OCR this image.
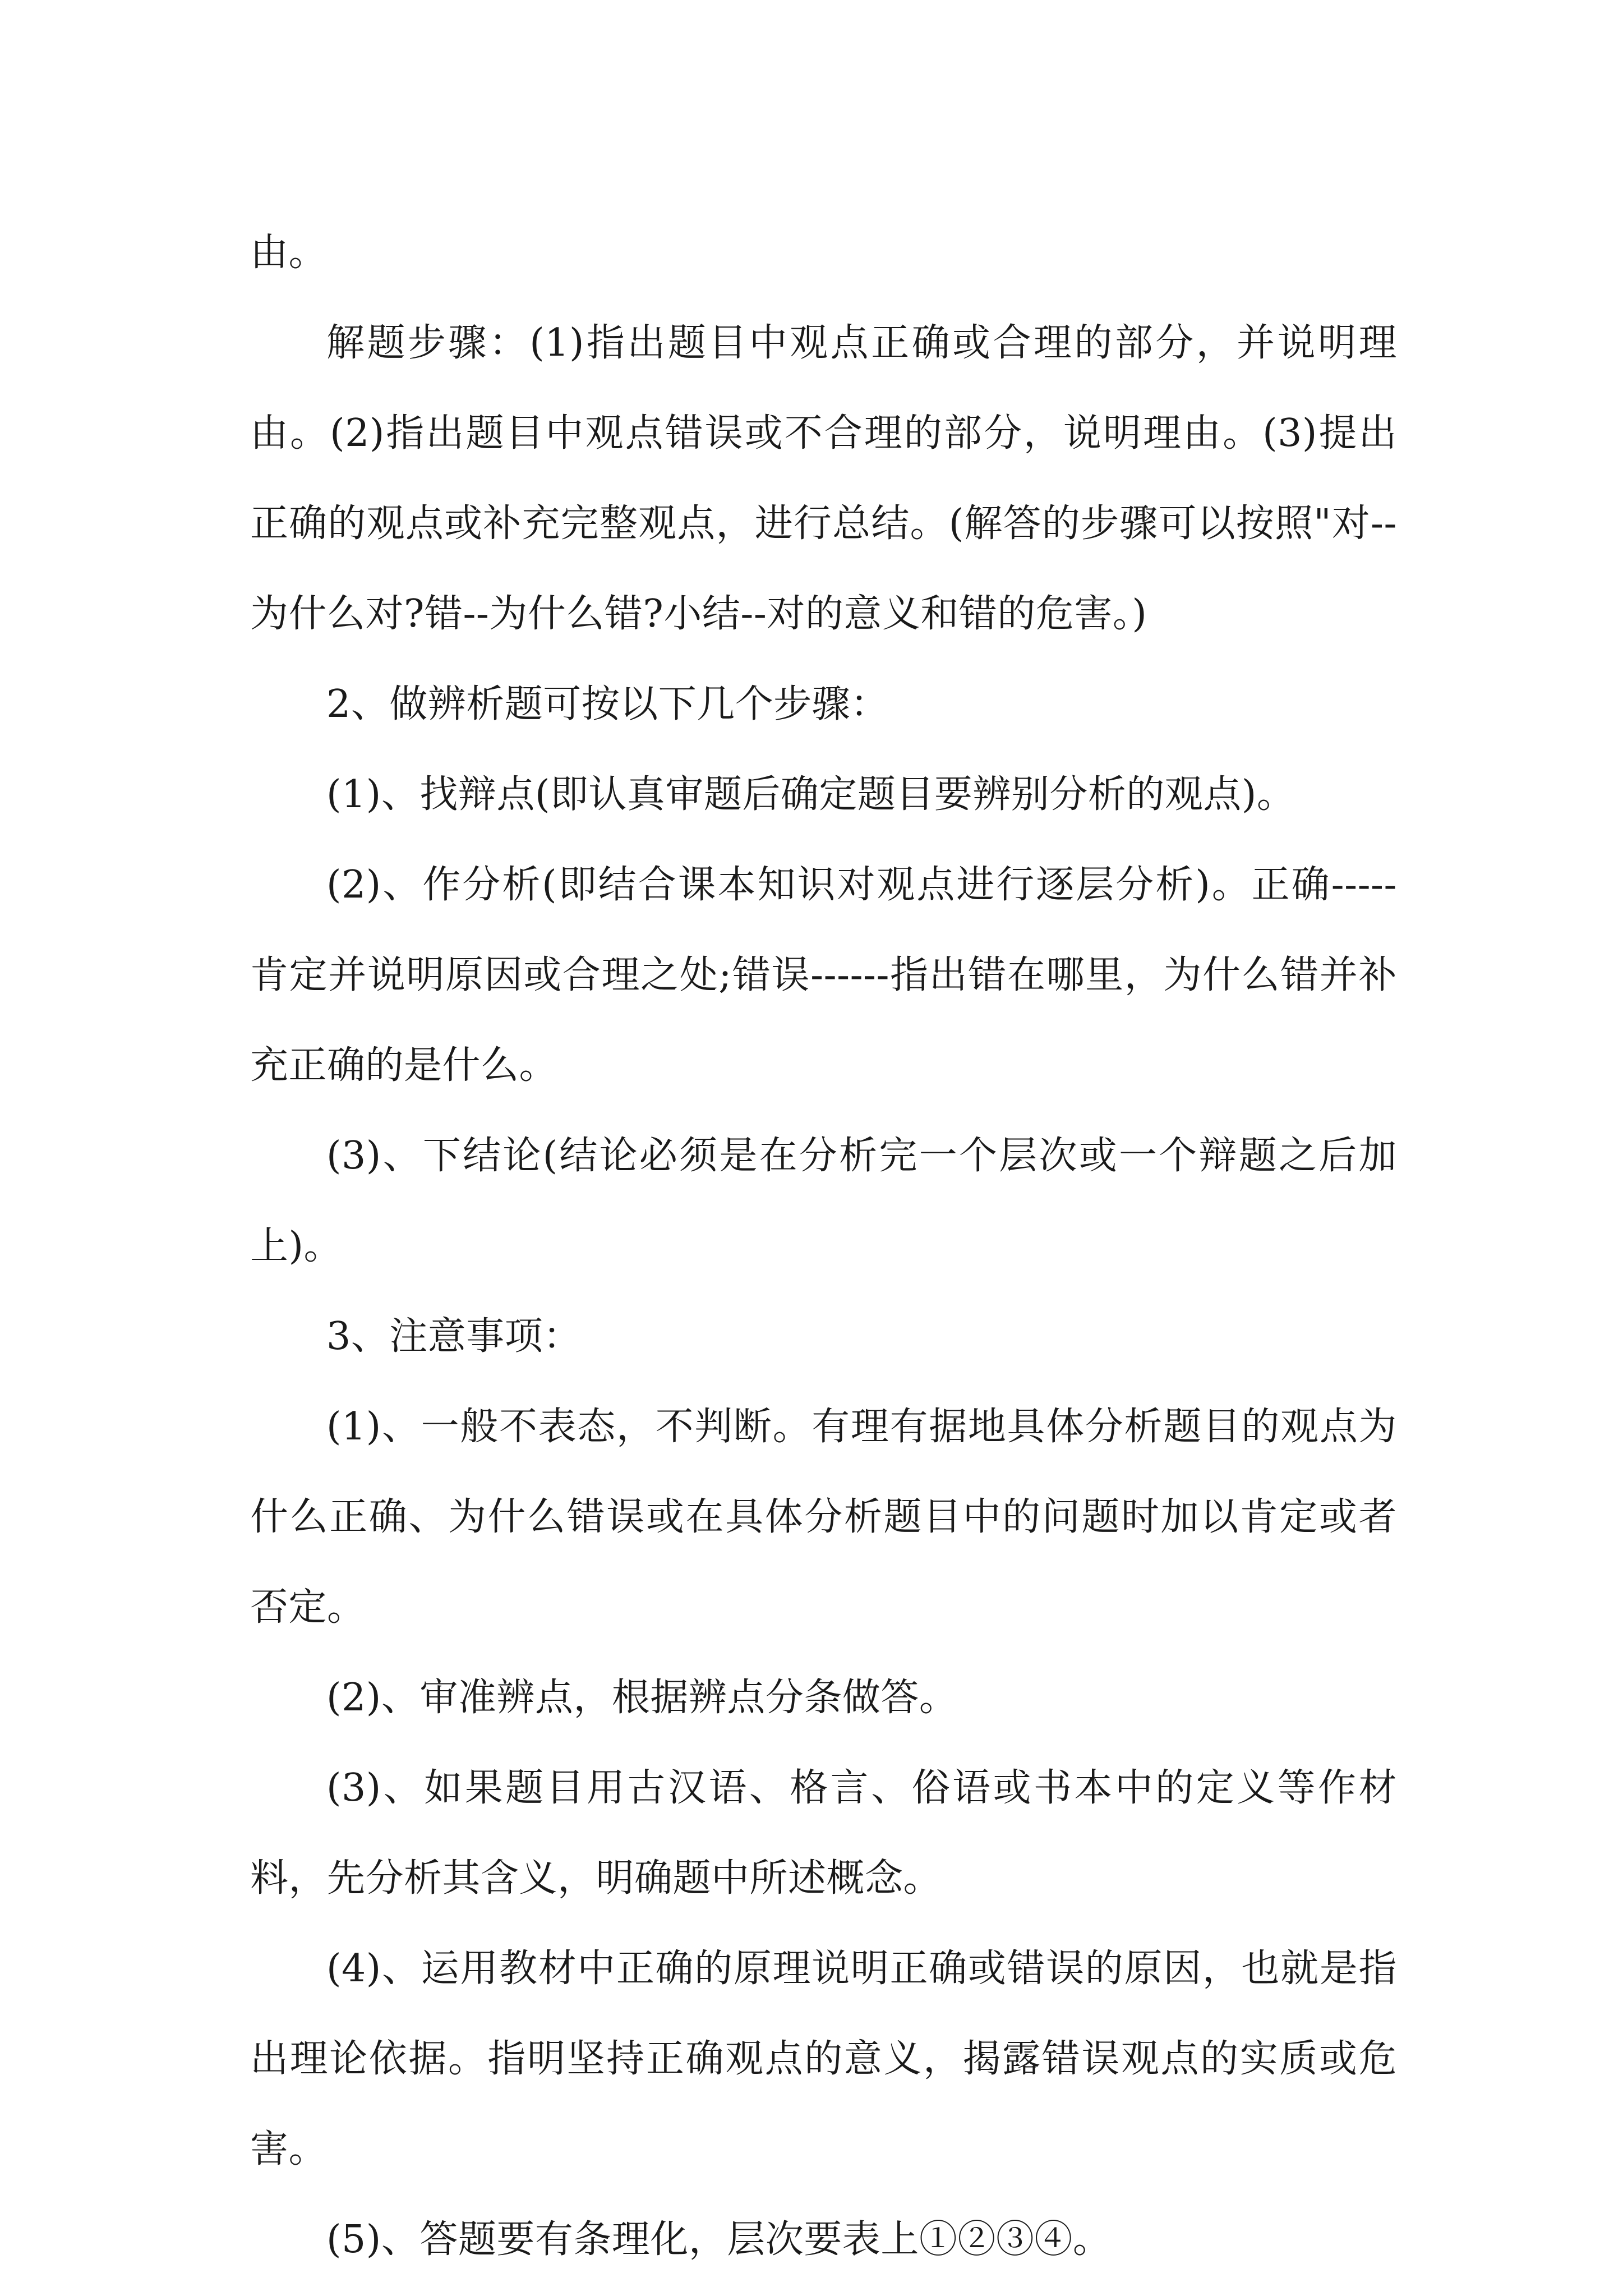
由。

解题步骤：(1)指出题目中观点正确或合理的部分，并说明理由。(2)指出题目中观点错误或不合理的部分，说明理由。(3)提出正确的观点或补充完整观点，进行总结。(解答的步骤可以按照"对--为什么对?错--为什么错?小结--对的意义和错的危害。)

2、做辨析题可按以下几个步骤：

(1)、找辩点(即认真审题后确定题目要辨别分析的观点)。

(2)、作分析(即结合课本知识对观点进行逐层分析)。正确-----肯定并说明原因或合理之处;错误------指出错在哪里，为什么错并补充正确的是什么。

(3)、下结论(结论必须是在分析完一个层次或一个辩题之后加上)。

3、注意事项：

(1)、一般不表态，不判断。有理有据地具体分析题目的观点为什么正确、为什么错误或在具体分析题目中的问题时加以肯定或者否定。

(2)、审准辨点，根据辨点分条做答。

(3)、如果题目用古汉语、格言、俗语或书本中的定义等作材料，先分析其含义，明确题中所述概念。

(4)、运用教材中正确的原理说明正确或错误的原因，也就是指出理论依据。指明坚持正确观点的意义，揭露错误观点的实质或危害。

(5)、答题要有条理化，层次要表上①②③④。
